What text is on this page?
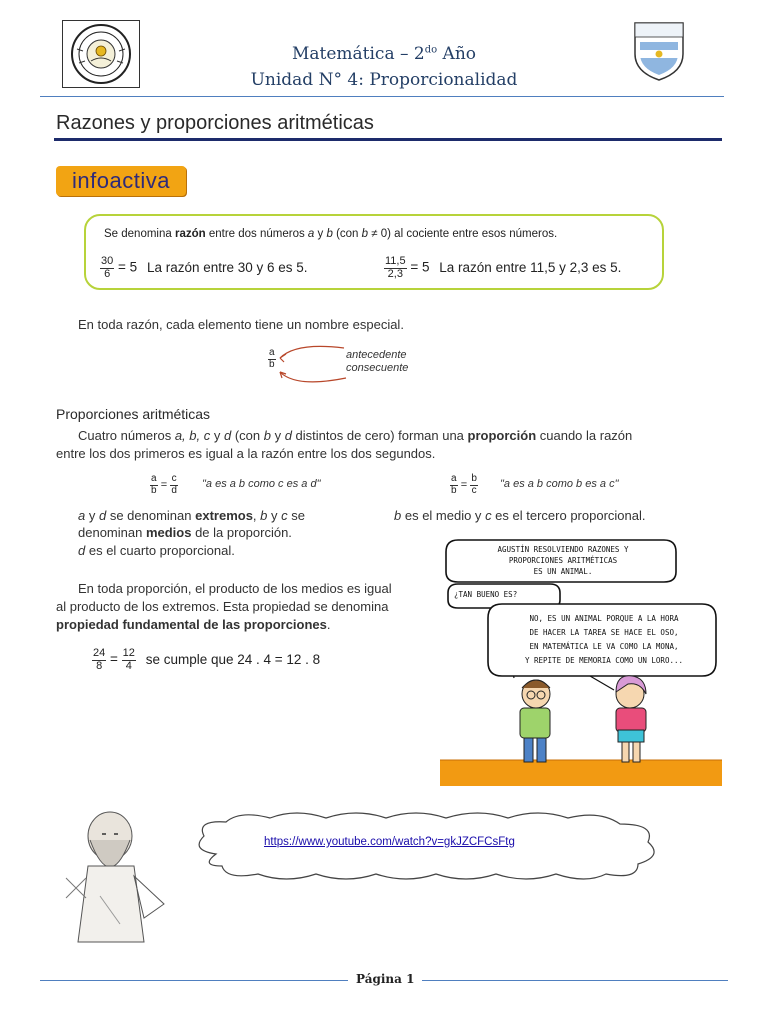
Matemática – $2^{do}$ Año
Unidad N° 4: Proporcionalidad
Razones y proporciones aritméticas
infoactiva
Se denomina razón entre dos números a y b (con b ≠ 0) al cociente entre esos números.
$\frac{30}{6} = 5$ La razón entre 30 y 6 es 5.	$\frac{11,5}{2,3} = 5$ La razón entre 11,5 y 2,3 es 5.
En toda razón, cada elemento tiene un nombre especial.
$\frac{a}{b}$	antecedente
consecuente
Proporciones aritméticas
Cuatro números a, b, c y d (con b y d distintos de cero) forman una proporción cuando la razón
entre los dos primeros es igual a la razón entre los dos segundos.
$\frac{a}{b} = \frac{c}{d}$ "a es a b como c es a d"	$\frac{a}{b} = \frac{b}{c}$ "a es a b como b es a c"
a y d se denominan extremos, b y c se
denominan medios de la proporción.
d es el cuarto proporcional.
b es el medio y c es el tercero proporcional.
En toda proporción, el producto de los medios es igual
al producto de los extremos. Esta propiedad se denomina
propiedad fundamental de las proporciones.
$\frac{24}{8} = \frac{12}{4}$ se cumple que 24 . 4 = 12 . 8
AGUSTÍN RESOLVIENDO RAZONES Y
PROPORCIONES ARITMÉTICAS
ES UN ANIMAL.
¿TAN BUENO ES?
NO, ES UN ANIMAL PORQUE A LA HORA
DE HACER LA TAREA SE HACE EL OSO,
EN MATEMÁTICA LE VA COMO LA MONA,
Y REPITE DE MEMORIA COMO UN LORO...
https://www.youtube.com/watch?v=gkJZCFCsFtg
Página 1
